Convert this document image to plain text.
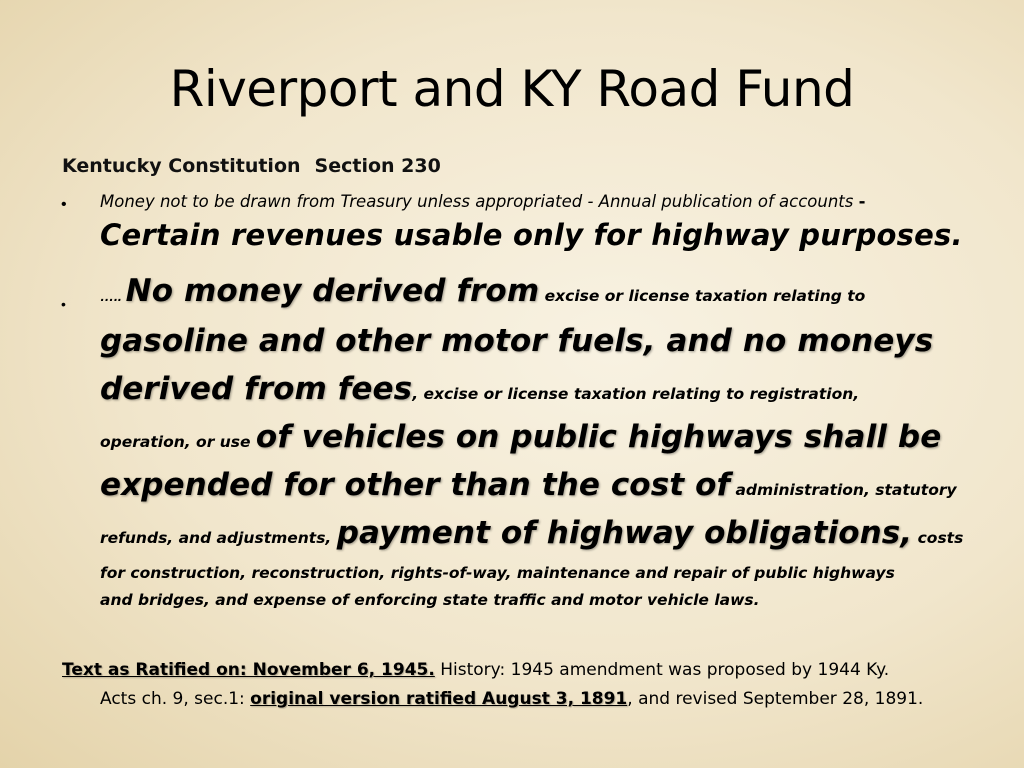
Riverport and KY Road Fund
Kentucky Constitution Section 230
• Money not to be drawn from Treasury unless appropriated - Annual publication of accounts -
Certain revenues usable only for highway purposes.
• ….. No money derived from excise or license taxation relating to
gasoline and other motor fuels, and no moneys
derived from fees, excise or license taxation relating to registration,
operation, or use of vehicles on public highways shall be
expended for other than the cost of administration, statutory
refunds, and adjustments, payment of highway obligations, costs
for construction, reconstruction, rights-of-way, maintenance and repair of public highways
and bridges, and expense of enforcing state traffic and motor vehicle laws.
Text as Ratified on: November 6, 1945. History: 1945 amendment was proposed by 1944 Ky.
Acts ch. 9, sec.1: original version ratified August 3, 1891, and revised September 28, 1891.
